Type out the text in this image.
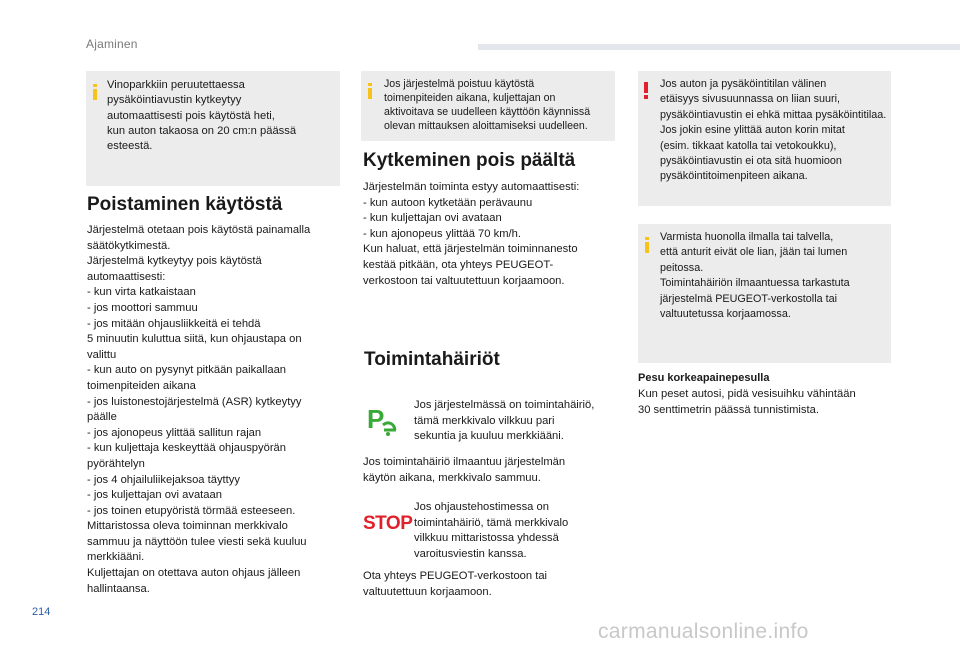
Ajaminen
Vinoparkkiin peruutettaessa
pysäköintiavustin kytkeytyy
automaattisesti pois käytöstä heti,
kun auton takaosa on 20 cm:n päässä
esteestä.
Poistaminen käytöstä
Järjestelmä otetaan pois käytöstä painamalla
säätökytkimestä.
Järjestelmä kytkeytyy pois käytöstä
automaattisesti:
- kun virta katkaistaan
- jos moottori sammuu
- jos mitään ohjausliikkeitä ei tehdä
5 minuutin kuluttua siitä, kun ohjaustapa on
valittu
- kun auto on pysynyt pitkään paikallaan
toimenpiteiden aikana
- jos luistonestojärjestelmä (ASR) kytkeytyy
päälle
- jos ajonopeus ylittää sallitun rajan
- kun kuljettaja keskeyttää ohjauspyörän
pyörähtelyn
- jos 4 ohjailuliikejaksoa täyttyy
- jos kuljettajan ovi avataan
- jos toinen etupyöristä törmää esteeseen.
Mittaristossa oleva toiminnan merkkivalo
sammuu ja näyttöön tulee viesti sekä kuuluu
merkkiääni.
Kuljettajan on otettava auton ohjaus jälleen
hallintaansa.
Jos järjestelmä poistuu käytöstä
toimenpiteiden aikana, kuljettajan on
aktivoitava se uudelleen käyttöön käynnissä
olevan mittauksen aloittamiseksi uudelleen.
Kytkeminen pois päältä
Järjestelmän toiminta estyy automaattisesti:
- kun autoon kytketään perävaunu
- kun kuljettajan ovi avataan
- kun ajonopeus ylittää 70 km/h.
Kun haluat, että järjestelmän toiminnanesto
kestää pitkään, ota yhteys PEUGEOT-
verkostoon tai valtuutettuun korjaamoon.
Toimintahäiriöt
P	Jos järjestelmässä on toimintahäiriö,
tämä merkkivalo vilkkuu pari
sekuntia ja kuuluu merkkiääni.
Jos toimintahäiriö ilmaantuu järjestelmän
käytön aikana, merkkivalo sammuu.
STOP
Jos ohjaustehostimessa on
toimintahäiriö, tämä merkkivalo
vilkkuu mittaristossa yhdessä
varoitusviestin kanssa.
Ota yhteys PEUGEOT-verkostoon tai
valtuutettuun korjaamoon.
Jos auton ja pysäköintitilan välinen
etäisyys sivusuunnassa on liian suuri,
pysäköintiavustin ei ehkä mittaa pysäköintitilaa.
Jos jokin esine ylittää auton korin mitat
(esim. tikkaat katolla tai vetokoukku),
pysäköintiavustin ei ota sitä huomioon
pysäköintitoimenpiteen aikana.
Varmista huonolla ilmalla tai talvella,
että anturit eivät ole lian, jään tai lumen
peitossa.
Toimintahäiriön ilmaantuessa tarkastuta
järjestelmä PEUGEOT-verkostolla tai
valtuutetussa korjaamossa.
Pesu korkeapainepesulla
Kun peset autosi, pidä vesisuihku vähintään
30 senttimetrin päässä tunnistimista.
214
carmanualsonline.info
